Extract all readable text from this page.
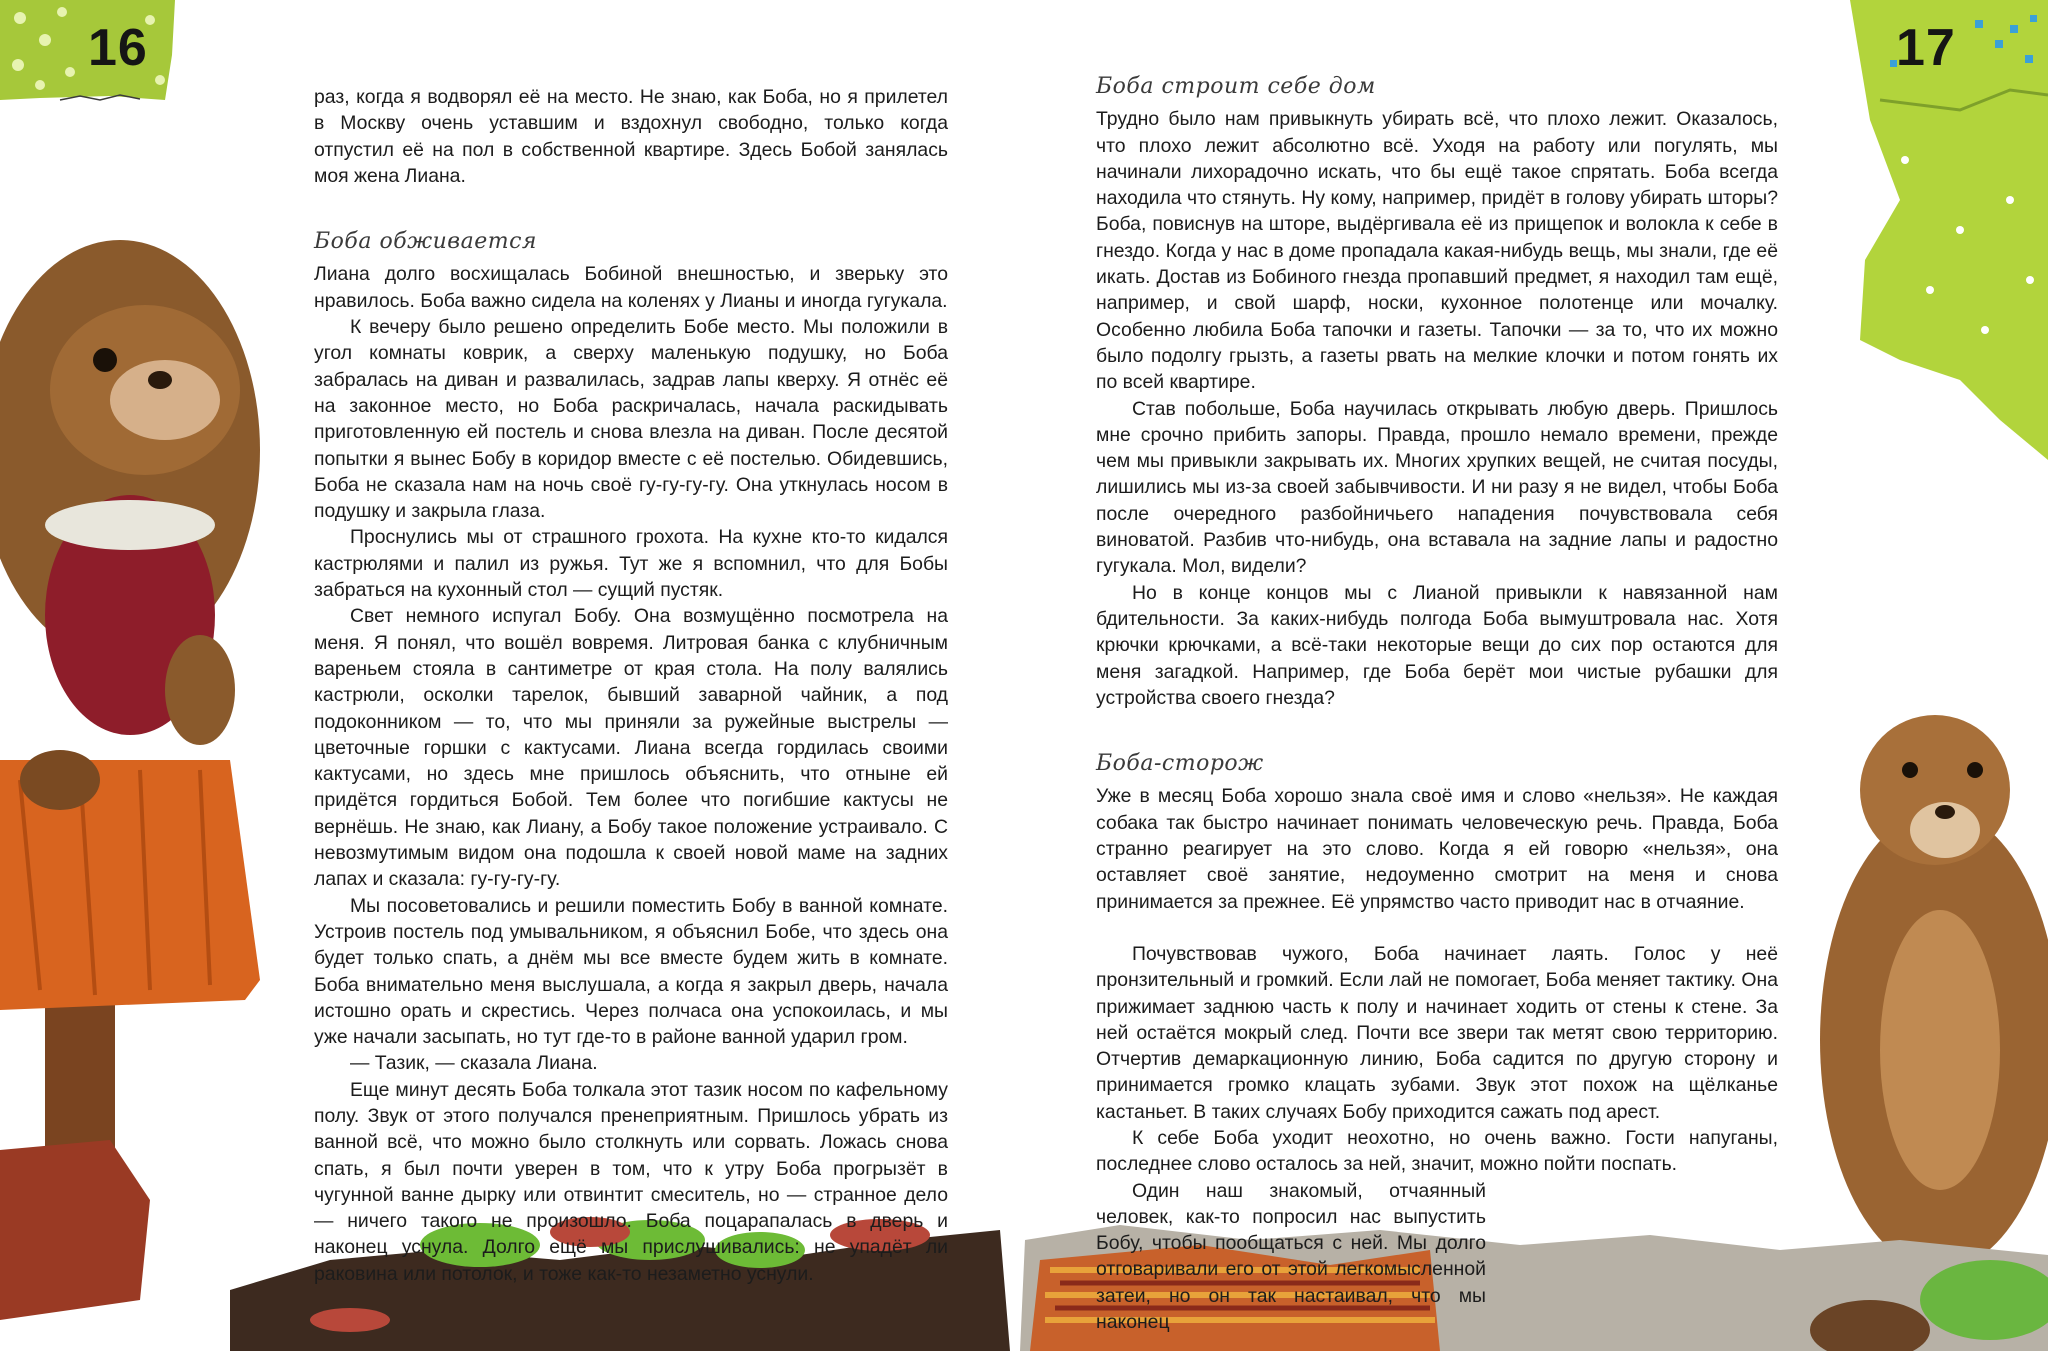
16	17

раз, когда я водворял её на место. Не знаю, как Боба, но я прилетел в Москву очень уставшим и вздохнул свободно, только когда отпустил её на пол в собственной квартире. Здесь Бобой занялась моя жена Лиана.

Боба обживается

Лиана долго восхищалась Бобиной внешностью, и зверьку это нравилось. Боба важно сидела на коленях у Лианы и иногда гугукала.

К вечеру было решено определить Бобе место. Мы положили в угол комнаты коврик, а сверху маленькую подушку, но Боба забралась на диван и развалилась, задрав лапы кверху. Я отнёс её на законное место, но Боба раскричалась, начала раскидывать приготовленную ей постель и снова влезла на диван. После десятой попытки я вынес Бобу в коридор вместе с её постелью. Обидевшись, Боба не сказала нам на ночь своё гу-гу-гу-гу. Она уткнулась носом в подушку и закрыла глаза.

Проснулись мы от страшного грохота. На кухне кто-то кидался кастрюлями и палил из ружья. Тут же я вспомнил, что для Бобы забраться на кухонный стол — сущий пустяк.

Свет немного испугал Бобу. Она возмущённо посмотрела на меня. Я понял, что вошёл вовремя. Литровая банка с клубничным вареньем стояла в сантиметре от края стола. На полу валялись кастрюли, осколки тарелок, бывший заварной чайник, а под подоконником — то, что мы приняли за ружейные выстрелы — цветочные горшки с кактусами. Лиана всегда гордилась своими кактусами, но здесь мне пришлось объяснить, что отныне ей придётся гордиться Бобой. Тем более что погибшие кактусы не вернёшь. Не знаю, как Лиану, а Бобу такое положение устраивало. С невозмутимым видом она подошла к своей новой маме на задних лапах и сказала: гу-гу-гу-гу.

Мы посоветовались и решили поместить Бобу в ванной комнате. Устроив постель под умывальником, я объяснил Бобе, что здесь она будет только спать, а днём мы все вместе будем жить в комнате. Боба внимательно меня выслушала, а когда я закрыл дверь, начала истошно орать и скрестись. Через полчаса она успокоилась, и мы уже начали засыпать, но тут где-то в районе ванной ударил гром.

— Тазик, — сказала Лиана.

Еще минут десять Боба толкала этот тазик носом по кафельному полу. Звук от этого получался пренеприятным. Пришлось убрать из ванной всё, что можно было столкнуть или сорвать. Ложась снова спать, я был почти уверен в том, что к утру Боба прогрызёт в чугунной ванне дырку или отвинтит смеситель, но — странное дело — ничего такого не произошло. Боба поцарапалась в дверь и наконец уснула. Долго ещё мы прислушивались: не упадёт ли раковина или потолок, и тоже как-то незаметно уснули.

Боба строит себе дом

Трудно было нам привыкнуть убирать всё, что плохо лежит. Оказалось, что плохо лежит абсолютно всё. Уходя на работу или погулять, мы начинали лихорадочно искать, что бы ещё такое спрятать. Боба всегда находила что стянуть. Ну кому, например, придёт в голову убирать шторы? Боба, повиснув на шторе, выдёргивала её из прищепок и волокла к себе в гнездо. Когда у нас в доме пропадала какая-нибудь вещь, мы знали, где её икать. Достав из Бобиного гнезда пропавший предмет, я находил там ещё, например, и свой шарф, носки, кухонное полотенце или мочалку. Особенно любила Боба тапочки и газеты. Тапочки — за то, что их можно было подолгу грызть, а газеты рвать на мелкие клочки и потом гонять их по всей квартире.

Став побольше, Боба научилась открывать любую дверь. Пришлось мне срочно прибить запоры. Правда, прошло немало времени, прежде чем мы привыкли закрывать их. Многих хрупких вещей, не считая посуды, лишились мы из-за своей забывчивости. И ни разу я не видел, чтобы Боба после очередного разбойничьего нападения почувствовала себя виноватой. Разбив что-нибудь, она вставала на задние лапы и радостно гугукала. Мол, видели?

Но в конце концов мы с Лианой привыкли к навязанной нам бдительности. За каких-нибудь полгода Боба вымуштровала нас. Хотя крючки крючками, а всё-таки некоторые вещи до сих пор остаются для меня загадкой. Например, где Боба берёт мои чистые рубашки для устройства своего гнезда?

Боба-сторож

Уже в месяц Боба хорошо знала своё имя и слово «нельзя». Не каждая собака так быстро начинает понимать человеческую речь. Правда, Боба странно реагирует на это слово. Когда я ей говорю «нельзя», она оставляет своё занятие, недоуменно смотрит на меня и снова принимается за прежнее. Её упрямство часто приводит нас в отчаяние.

Почувствовав чужого, Боба начинает лаять. Голос у неё пронзительный и громкий. Если лай не помогает, Боба меняет тактику. Она прижимает заднюю часть к полу и начинает ходить от стены к стене. За ней остаётся мокрый след. Почти все звери так метят свою территорию. Отчертив демаркационную линию, Боба садится по другую сторону и принимается громко клацать зубами. Звук этот похож на щёлканье кастаньет. В таких случаях Бобу приходится сажать под арест.

К себе Боба уходит неохотно, но очень важно. Гости напуганы, последнее слово осталось за ней, значит, можно пойти поспать.

Один наш знакомый, отчаянный человек, как-то попросил нас выпустить Бобу, чтобы пообщаться с ней. Мы долго отговаривали его от этой легкомысленной затеи, но он так настаивал, что мы наконец
